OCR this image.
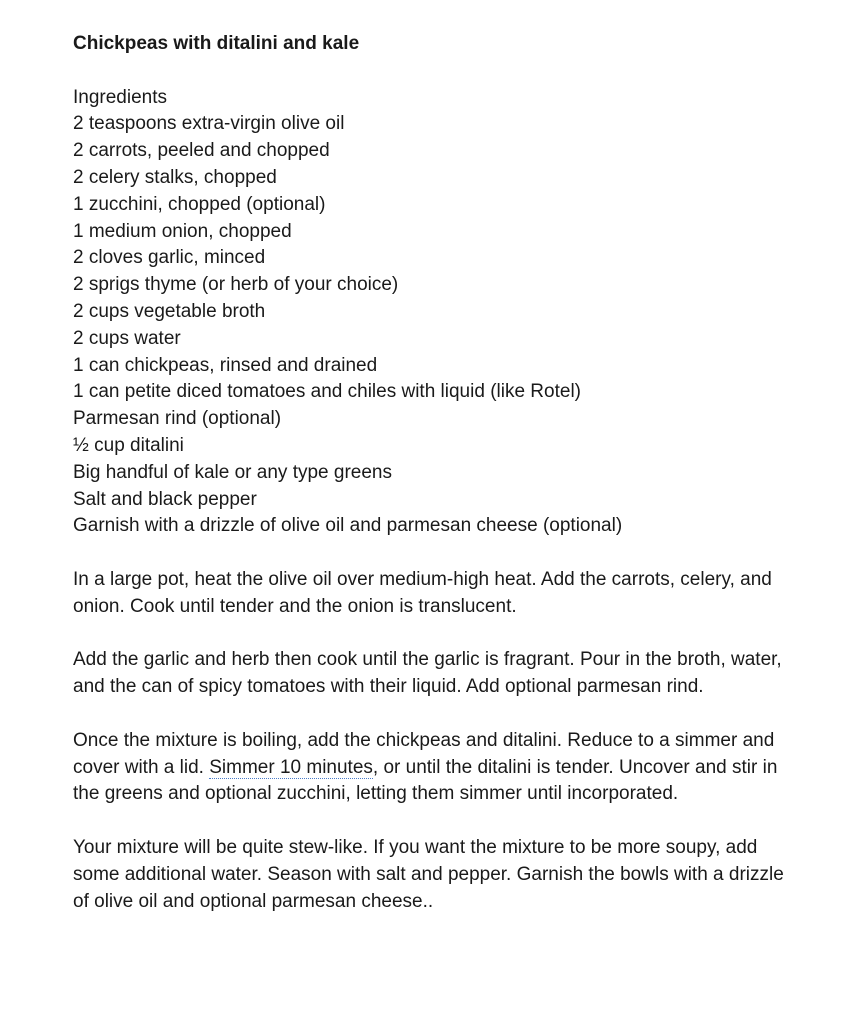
Chickpeas with ditalini and kale
Ingredients
2 teaspoons extra-virgin olive oil
2 carrots, peeled and chopped
2 celery stalks, chopped
1 zucchini, chopped (optional)
1 medium onion, chopped
2 cloves garlic, minced
2 sprigs thyme (or herb of your choice)
2 cups vegetable broth
2 cups water
1 can chickpeas, rinsed and drained
1 can petite diced tomatoes and chiles with liquid (like Rotel)
Parmesan rind (optional)
½ cup ditalini
Big handful of kale or any type greens
Salt and black pepper
Garnish with a drizzle of olive oil and parmesan cheese (optional)

In a large pot, heat the olive oil over medium-high heat. Add the carrots, celery, and onion. Cook until tender and the onion is translucent.

Add the garlic and herb then cook until the garlic is fragrant. Pour in the broth, water, and the can of spicy tomatoes with their liquid. Add optional parmesan rind.

Once the mixture is boiling, add the chickpeas and ditalini. Reduce to a simmer and cover with a lid. Simmer 10 minutes, or until the ditalini is tender. Uncover and stir in the greens and optional zucchini, letting them simmer until incorporated.

Your mixture will be quite stew-like. If you want the mixture to be more soupy, add some additional water. Season with salt and pepper. Garnish the bowls with a drizzle of olive oil and optional parmesan cheese..
